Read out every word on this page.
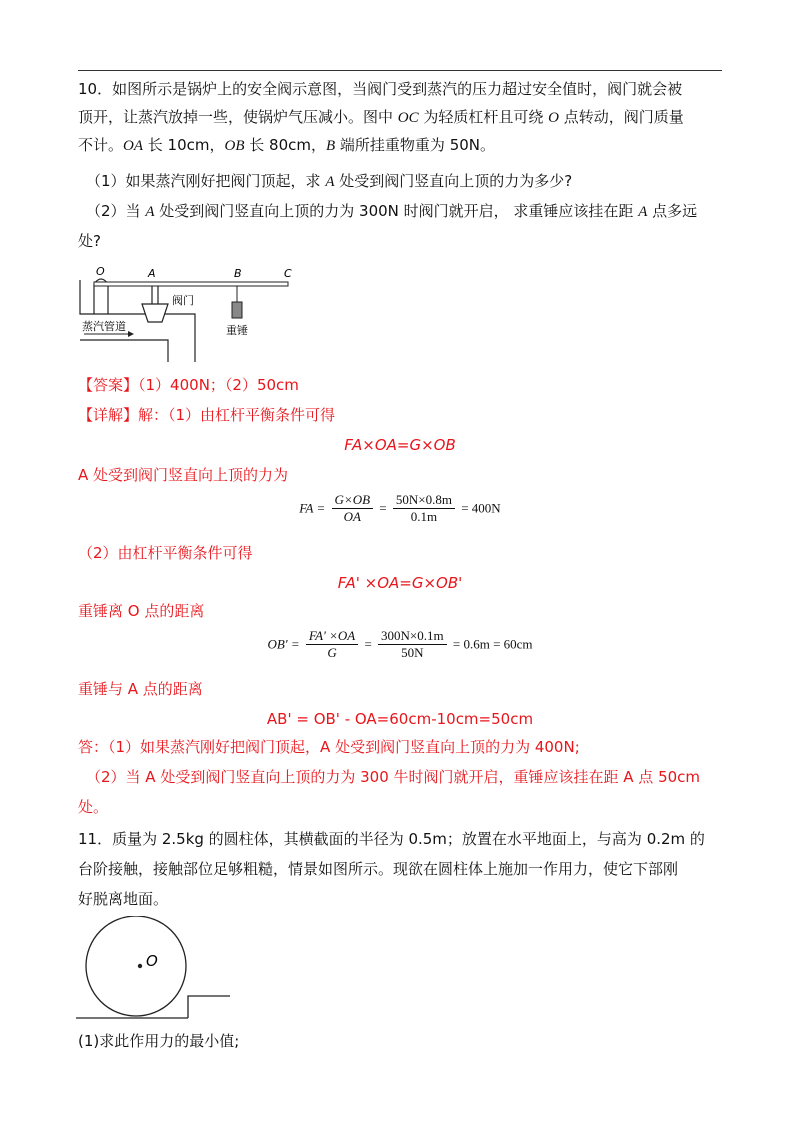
10．如图所示是锅炉上的安全阀示意图，当阀门受到蒸汽的压力超过安全值时，阀门就会被
顶开，让蒸汽放掉一些，使锅炉气压减小。图中 OC 为轻质杠杆且可绕 O 点转动，阀门质量
不计。OA 长 10cm，OB 长 80cm，B 端所挂重物重为 50N。
（1）如果蒸汽刚好把阀门顶起，求 A 处受到阀门竖直向上顶的力为多少?
（2）当 A 处受到阀门竖直向上顶的力为 300N 时阀门就开启， 求重锤应该挂在距 A 点多远
处?
O	A	B	C
阀门
重锤
蒸汽管道
【答案】（1）400N；（2）50cm
【详解】解：（1）由杠杆平衡条件可得
FA×OA=G×OB
A 处受到阀门竖直向上顶的力为
FA = $\frac{G\times OB}{OA} = \frac{50N\times 0.8m}{0.1m} = 400N$
（2）由杠杆平衡条件可得
FA' ×OA=G×OB'
重锤离 O 点的距离
$OB' = \frac{FA' \times OA}{G} = \frac{300N\times 0.1m}{50N} = 0.6m = 60cm$
重锤与 A 点的距离
AB' = OB' - OA=60cm-10cm=50cm
答：（1）如果蒸汽刚好把阀门顶起，A 处受到阀门竖直向上顶的力为 400N;
（2）当 A 处受到阀门竖直向上顶的力为 300 牛时阀门就开启，重锤应该挂在距 A 点 50cm
处。
11．质量为 2.5kg 的圆柱体，其横截面的半径为 0.5m；放置在水平地面上，与高为 0.2m 的
台阶接触，接触部位足够粗糙，情景如图所示。现欲在圆柱体上施加一作用力，使它下部刚
好脱离地面。
O
(1)求此作用力的最小值;
